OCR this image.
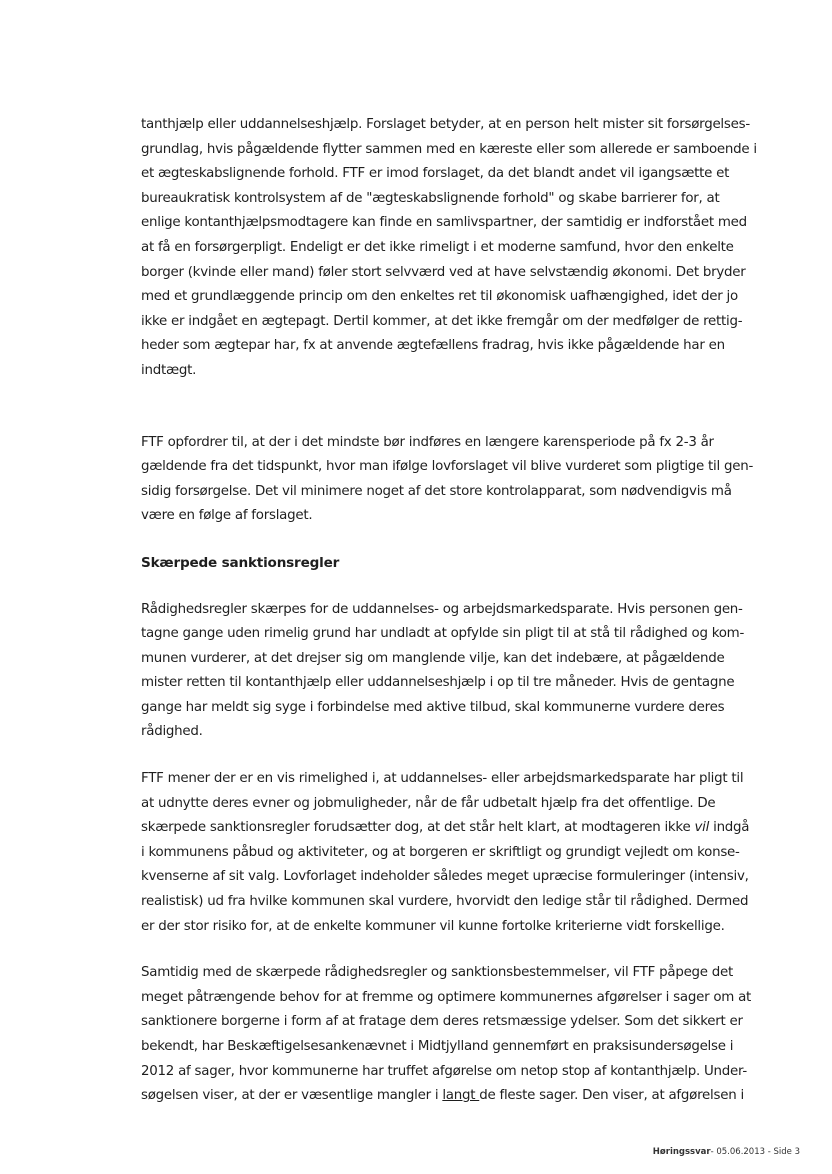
tanthjælp eller uddannelseshjælp. Forslaget betyder, at en person helt mister sit forsørgelses-
grundlag, hvis pågældende flytter sammen med en kæreste eller som allerede er samboende i
et ægteskabslignende forhold. FTF er imod forslaget, da det blandt andet vil igangsætte et
bureaukratisk kontrolsystem af de "ægteskabslignende forhold" og skabe barrierer for, at
enlige kontanthjælpsmodtagere kan finde en samlivspartner, der samtidig er indforstået med
at få en forsørgerpligt. Endeligt er det ikke rimeligt i et moderne samfund, hvor den enkelte
borger (kvinde eller mand) føler stort selvværd ved at have selvstændig økonomi. Det bryder
med et grundlæggende princip om den enkeltes ret til økonomisk uafhængighed, idet der jo
ikke er indgået en ægtepagt. Dertil kommer, at det ikke fremgår om der medfølger de rettig-
heder som ægtepar har, fx at anvende ægtefællens fradrag, hvis ikke pågældende har en
indtægt.

FTF opfordrer til, at der i det mindste bør indføres en længere karensperiode på fx 2-3 år
gældende fra det tidspunkt, hvor man ifølge lovforslaget vil blive vurderet som pligtige til gen-
sidig forsørgelse. Det vil minimere noget af det store kontrolapparat, som nødvendigvis må
være en følge af forslaget.

Skærpede sanktionsregler

Rådighedsregler skærpes for de uddannelses- og arbejdsmarkedsparate. Hvis personen gen-
tagne gange uden rimelig grund har undladt at opfylde sin pligt til at stå til rådighed og kom-
munen vurderer, at det drejser sig om manglende vilje, kan det indebære, at pågældende
mister retten til kontanthjælp eller uddannelseshjælp i op til tre måneder. Hvis de gentagne
gange har meldt sig syge i forbindelse med aktive tilbud, skal kommunerne vurdere deres
rådighed.

FTF mener der er en vis rimelighed i, at uddannelses- eller arbejdsmarkedsparate har pligt til
at udnytte deres evner og jobmuligheder, når de får udbetalt hjælp fra det offentlige. De
skærpede sanktionsregler forudsætter dog, at det står helt klart, at modtageren ikke vil indgå
i kommunens påbud og aktiviteter, og at borgeren er skriftligt og grundigt vejledt om konse-
kvenserne af sit valg. Lovforlaget indeholder således meget upræcise formuleringer (intensiv,
realistisk) ud fra hvilke kommunen skal vurdere, hvorvidt den ledige står til rådighed. Dermed
er der stor risiko for, at de enkelte kommuner vil kunne fortolke kriterierne vidt forskellige.

Samtidig med de skærpede rådighedsregler og sanktionsbestemmelser, vil FTF påpege det
meget påtrængende behov for at fremme og optimere kommunernes afgørelser i sager om at
sanktionere borgerne i form af at fratage dem deres retsmæssige ydelser. Som det sikkert er
bekendt, har Beskæftigelsesankenævnet i Midtjylland gennemført en praksisundersøgelse i
2012 af sager, hvor kommunerne har truffet afgørelse om netop stop af kontanthjælp. Under-
søgelsen viser, at der er væsentlige mangler i langt de fleste sager. Den viser, at afgørelsen i

Høringssvar- 05.06.2013 - Side 3
